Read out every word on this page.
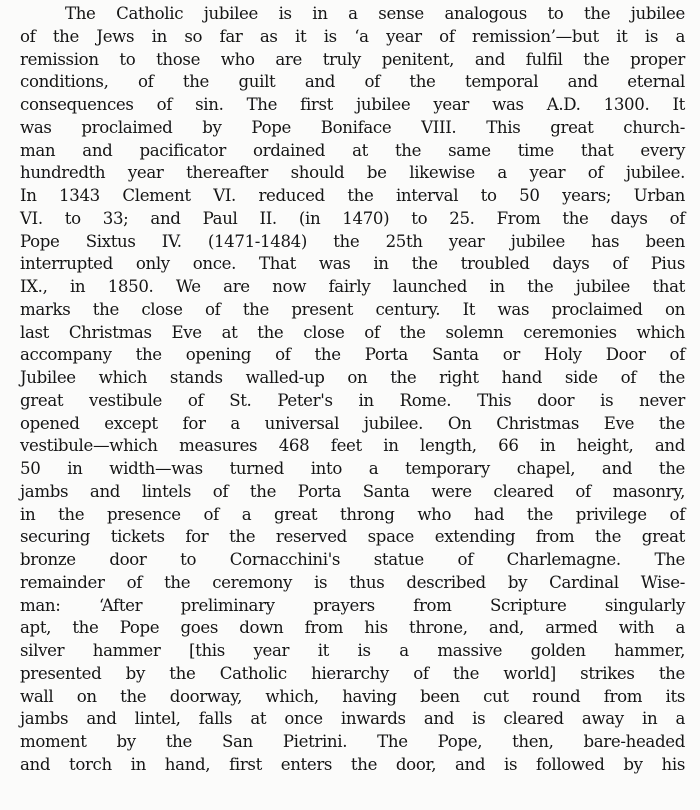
The Catholic jubilee is in a sense analogous to the jubilee
of the Jews in so far as it is ‘a year of remission’—but it is a
remission to those who are truly penitent, and fulfil the proper
conditions, of the guilt and of the temporal and eternal
consequences of sin. The first jubilee year was A.D. 1300. It
was proclaimed by Pope Boniface VIII. This great church-
man and pacificator ordained at the same time that every
hundredth year thereafter should be likewise a year of jubilee.
In 1343 Clement VI. reduced the interval to 50 years; Urban
VI. to 33; and Paul II. (in 1470) to 25. From the days of
Pope Sixtus IV. (1471-1484) the 25th year jubilee has been
interrupted only once. That was in the troubled days of Pius
IX., in 1850. We are now fairly launched in the jubilee that
marks the close of the present century. It was proclaimed on
last Christmas Eve at the close of the solemn ceremonies which
accompany the opening of the Porta Santa or Holy Door of
Jubilee which stands walled-up on the right hand side of the
great vestibule of St. Peter's in Rome. This door is never
opened except for a universal jubilee. On Christmas Eve the
vestibule—which measures 468 feet in length, 66 in height, and
50 in width—was turned into a temporary chapel, and the
jambs and lintels of the Porta Santa were cleared of masonry,
in the presence of a great throng who had the privilege of
securing tickets for the reserved space extending from the great
bronze door to Cornacchini's statue of Charlemagne. The
remainder of the ceremony is thus described by Cardinal Wise-
man: ‘After preliminary prayers from Scripture singularly
apt, the Pope goes down from his throne, and, armed with a
silver hammer [this year it is a massive golden hammer,
presented by the Catholic hierarchy of the world] strikes the
wall on the doorway, which, having been cut round from its
jambs and lintel, falls at once inwards and is cleared away in a
moment by the San Pietrini. The Pope, then, bare-headed
and torch in hand, first enters the door, and is followed by his
